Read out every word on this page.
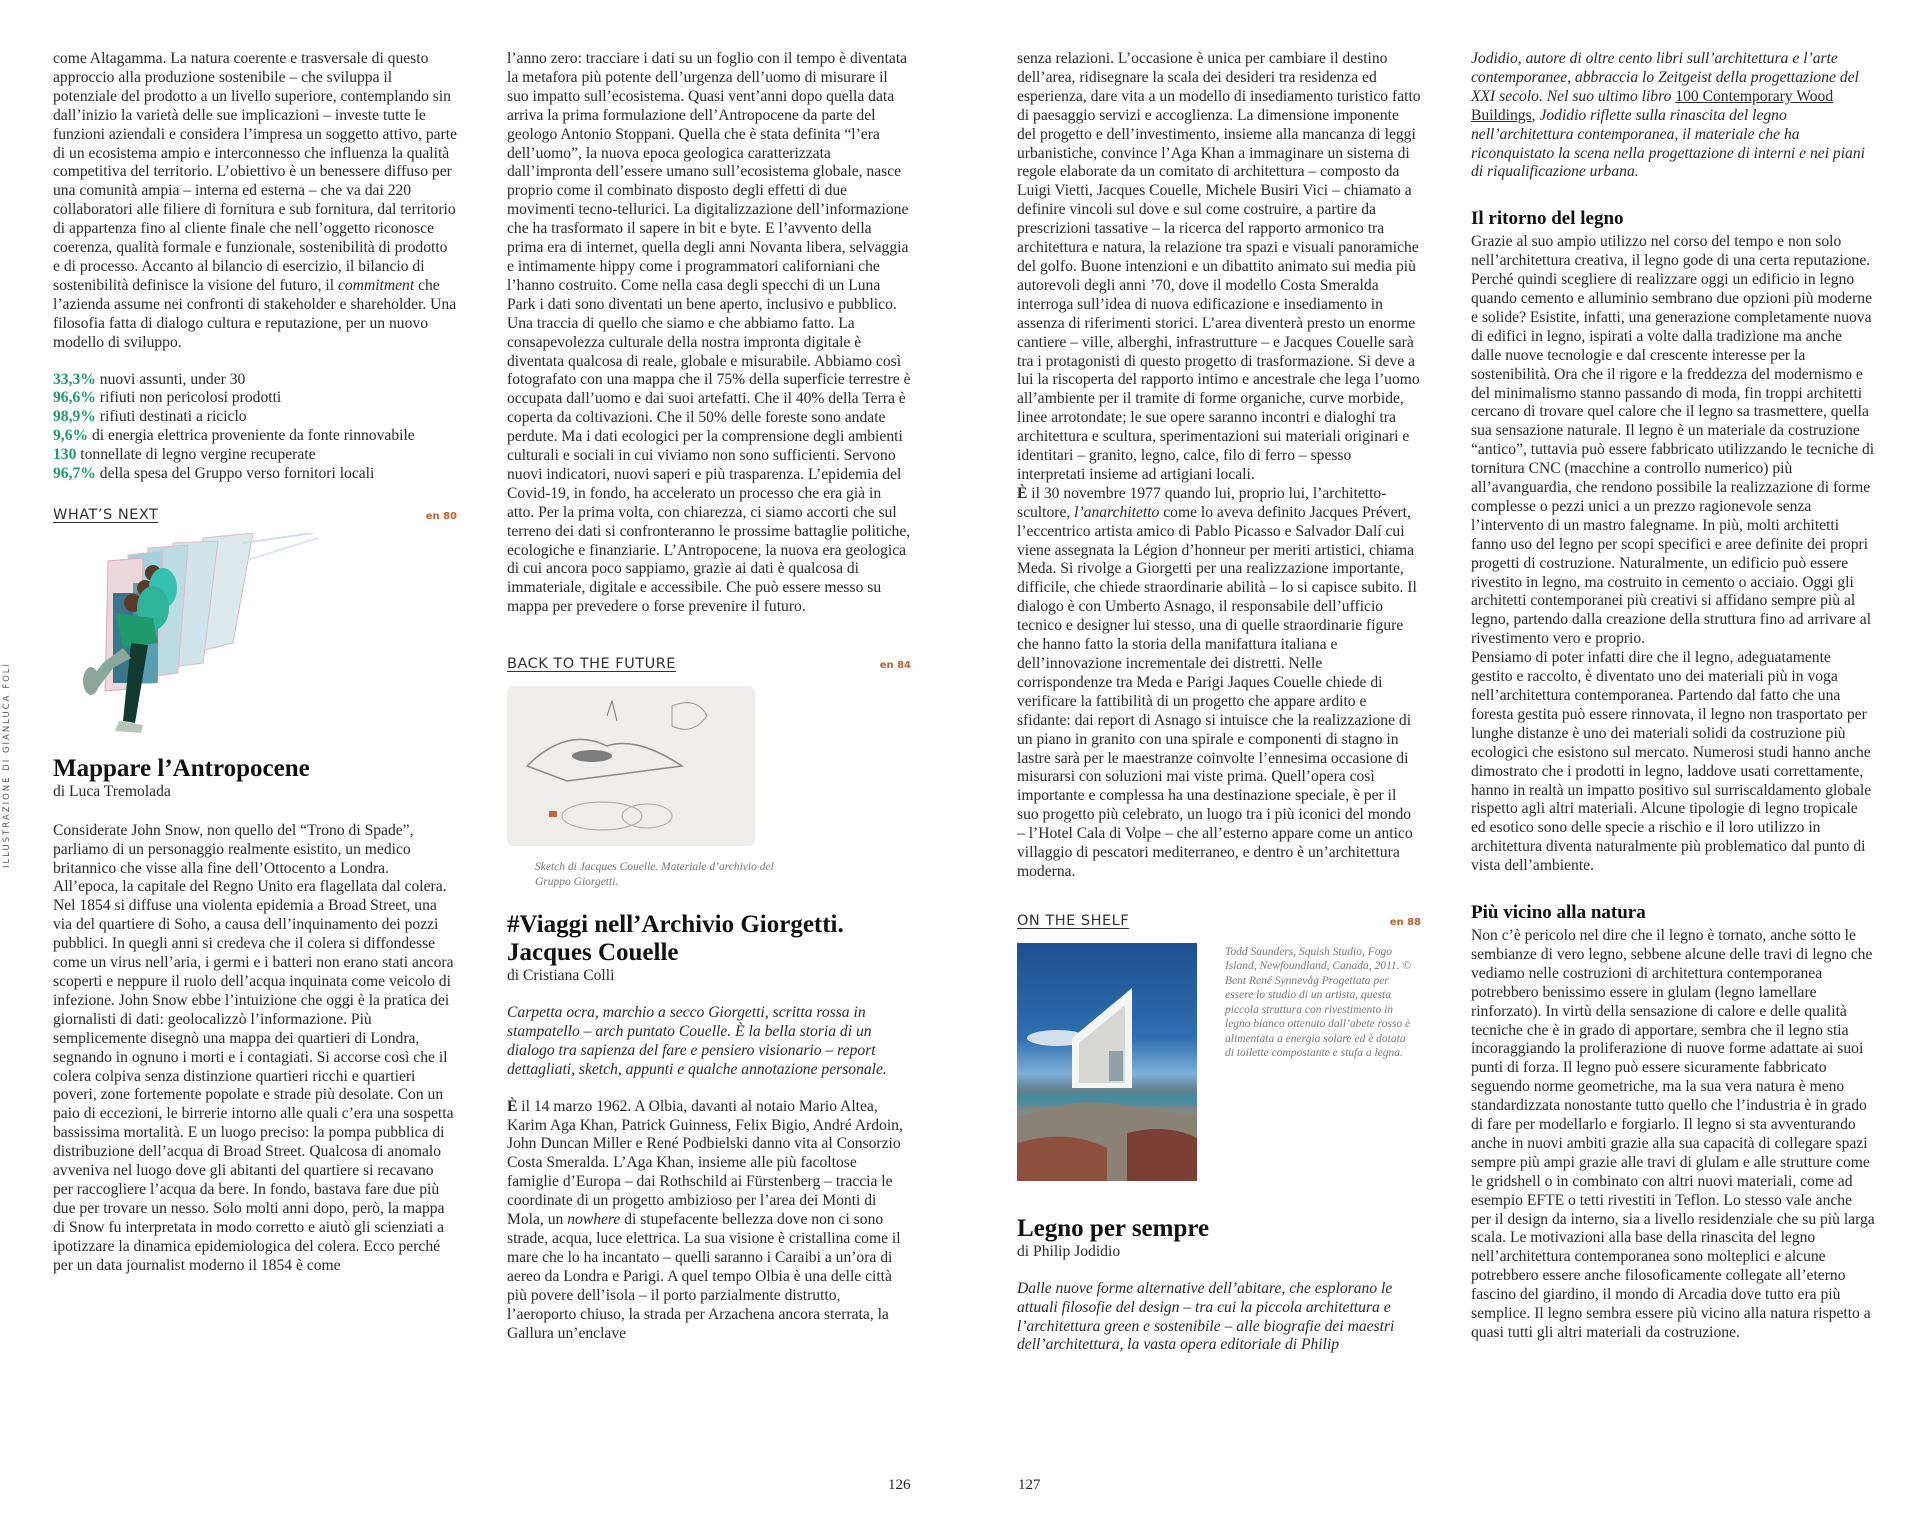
come Altagamma. La natura coerente e trasversale di questo approccio alla produzione sostenibile – che sviluppa il potenziale del prodotto a un livello superiore, contemplando sin dall’inizio la varietà delle sue implicazioni – investe tutte le funzioni aziendali e considera l’impresa un soggetto attivo, parte di un ecosistema ampio e interconnesso che influenza la qualità competitiva del territorio. L’obiettivo è un benessere diffuso per una comunità ampia – interna ed esterna – che va dai 220 collaboratori alle filiere di fornitura e sub fornitura, dal territorio di appartenza fino al cliente finale che nell’oggetto riconosce coerenza, qualità formale e funzionale, sostenibilità di prodotto e di processo. Accanto al bilancio di esercizio, il bilancio di sostenibilità definisce la visione del futuro, il commitment che l’azienda assume nei confronti di stakeholder e shareholder. Una filosofia fatta di dialogo cultura e reputazione, per un nuovo modello di sviluppo.

33,3% nuovi assunti, under 30

96,6% rifiuti non pericolosi prodotti

98,9% rifiuti destinati a riciclo

9,6% di energia elettrica proveniente da fonte rinnovabile

130 tonnellate di legno vergine recuperate

96,7% della spesa del Gruppo verso fornitori locali

WHAT’S NEXT	en 80
Mappare l’Antropocene

di Luca Tremolada

Considerate John Snow, non quello del “Trono di Spade”, parliamo di un personaggio realmente esistito, un medico britannico che visse alla fine dell’Ottocento a Londra. All’epoca, la capitale del Regno Unito era flagellata dal colera. Nel 1854 si diffuse una violenta epidemia a Broad Street, una via del quartiere di Soho, a causa dell’inquinamento dei pozzi pubblici. In quegli anni si credeva che il colera si diffondesse come un virus nell’aria, i germi e i batteri non erano stati ancora scoperti e neppure il ruolo dell’acqua inquinata come veicolo di infezione. John Snow ebbe l’intuizione che oggi è la pratica dei giornalisti di dati: geolocalizzò l’informazione. Più semplicemente disegnò una mappa dei quartieri di Londra, segnando in ognuno i morti e i contagiati. Si accorse così che il colera colpiva senza distinzione quartieri ricchi e quartieri poveri, zone fortemente popolate e strade più desolate. Con un paio di eccezioni, le birrerie intorno alle quali c’era una sospetta bassissima mortalità. E un luogo preciso: la pompa pubblica di distribuzione dell’acqua di Broad Street. Qualcosa di anomalo avveniva nel luogo dove gli abitanti del quartiere si recavano per raccogliere l’acqua da bere. In fondo, bastava fare due più due per trovare un nesso. Solo molti anni dopo, però, la mappa di Snow fu interpretata in modo corretto e aiutò gli scienziati a ipotizzare la dinamica epidemiologica del colera. Ecco perché per un data journalist moderno il 1854 è come

ILLUSTRAZIONE DI GIANLUCA FOLÌ

l’anno zero: tracciare i dati su un foglio con il tempo è diventata la metafora più potente dell’urgenza dell’uomo di misurare il suo impatto sull’ecosistema. Quasi vent’anni dopo quella data arriva la prima formulazione dell’Antropocene da parte del geologo Antonio Stoppani. Quella che è stata definita “l’era dell’uomo”, la nuova epoca geologica caratterizzata dall’impronta dell’essere umano sull’ecosistema globale, nasce proprio come il combinato disposto degli effetti di due movimenti tecno-tellurici. La digitalizzazione dell’informazione che ha trasformato il sapere in bit e byte. E l’avvento della prima era di internet, quella degli anni Novanta libera, selvaggia e intimamente hippy come i programmatori californiani che l’hanno costruito. Come nella casa degli specchi di un Luna Park i dati sono diventati un bene aperto, inclusivo e pubblico. Una traccia di quello che siamo e che abbiamo fatto. La consapevolezza culturale della nostra impronta digitale è diventata qualcosa di reale, globale e misurabile. Abbiamo così fotografato con una mappa che il 75% della superficie terrestre è occupata dall’uomo e dai suoi artefatti. Che il 40% della Terra è coperta da coltivazioni. Che il 50% delle foreste sono andate perdute. Ma i dati ecologici per la comprensione degli ambienti culturali e sociali in cui viviamo non sono sufficienti. Servono nuovi indicatori, nuovi saperi e più trasparenza. L’epidemia del Covid-19, in fondo, ha accelerato un processo che era già in atto. Per la prima volta, con chiarezza, ci siamo accorti che sul terreno dei dati si confronteranno le prossime battaglie politiche, ecologiche e finanziarie. L’Antropocene, la nuova era geologica di cui ancora poco sappiamo, grazie ai dati è qualcosa di immateriale, digitale e accessibile. Che può essere messo su mappa per prevedere o forse prevenire il futuro.

BACK TO THE FUTURE	en 84

Sketch di Jacques Couelle. Materiale d’archivio del Gruppo Giorgetti.

#Viaggi nell’Archivio Giorgetti. Jacques Couelle

di Cristiana Colli

Carpetta ocra, marchio a secco Giorgetti, scritta rossa in stampatello – arch puntato Couelle. È la bella storia di un dialogo tra sapienza del fare e pensiero visionario – report dettagliati, sketch, appunti e qualche annotazione personale.

È il 14 marzo 1962. A Olbia, davanti al notaio Mario Altea, Karim Aga Khan, Patrick Guinness, Felix Bigio, André Ardoin, John Duncan Miller e René Podbielski danno vita al Consorzio Costa Smeralda. L’Aga Khan, insieme alle più facoltose famiglie d’Europa – dai Rothschild ai Fürstenberg – traccia le coordinate di un progetto ambizioso per l’area dei Monti di Mola, un nowhere di stupefacente bellezza dove non ci sono strade, acqua, luce elettrica. La sua visione è cristallina come il mare che lo ha incantato – quelli saranno i Caraibi a un’ora di aereo da Londra e Parigi. A quel tempo Olbia è una delle città più povere dell’isola – il porto parzialmente distrutto, l’aeroporto chiuso, la strada per Arzachena ancora sterrata, la Gallura un’enclave

126

senza relazioni. L’occasione è unica per cambiare il destino dell’area, ridisegnare la scala dei desideri tra residenza ed esperienza, dare vita a un modello di insediamento turistico fatto di paesaggio servizi e accoglienza. La dimensione imponente del progetto e dell’investimento, insieme alla mancanza di leggi urbanistiche, convince l’Aga Khan a immaginare un sistema di regole elaborate da un comitato di architettura – composto da Luigi Vietti, Jacques Couelle, Michele Busiri Vici – chiamato a definire vincoli sul dove e sul come costruire, a partire da prescrizioni tassative – la ricerca del rapporto armonico tra architettura e natura, la relazione tra spazi e visuali panoramiche del golfo. Buone intenzioni e un dibattito animato sui media più autorevoli degli anni ’70, dove il modello Costa Smeralda interroga sull’idea di nuova edificazione e insediamento in assenza di riferimenti storici. L’area diventerà presto un enorme cantiere – ville, alberghi, infrastrutture – e Jacques Couelle sarà tra i protagonisti di questo progetto di trasformazione. Si deve a lui la riscoperta del rapporto intimo e ancestrale che lega l’uomo all’ambiente per il tramite di forme organiche, curve morbide, linee arrotondate; le sue opere saranno incontri e dialoghi tra architettura e scultura, sperimentazioni sui materiali originari e identitari – granito, legno, calce, filo di ferro – spesso interpretati insieme ad artigiani locali.

È il 30 novembre 1977 quando lui, proprio lui, l’architetto-scultore, l’anarchitetto come lo aveva definito Jacques Prévert, l’eccentrico artista amico di Pablo Picasso e Salvador Dalí cui viene assegnata la Légion d’honneur per meriti artistici, chiama Meda. Si rivolge a Giorgetti per una realizzazione importante, difficile, che chiede straordinarie abilità – lo si capisce subito. Il dialogo è con Umberto Asnago, il responsabile dell’ufficio tecnico e designer lui stesso, una di quelle straordinarie figure che hanno fatto la storia della manifattura italiana e dell’innovazione incrementale dei distretti. Nelle corrispondenze tra Meda e Parigi Jaques Couelle chiede di verificare la fattibilità di un progetto che appare ardito e sfidante: dai report di Asnago si intuisce che la realizzazione di un piano in granito con una spirale e componenti di stagno in lastre sarà per le maestranze coinvolte l’ennesima occasione di misurarsi con soluzioni mai viste prima. Quell’opera così importante e complessa ha una destinazione speciale, è per il suo progetto più celebrato, un luogo tra i più iconici del mondo – l’Hotel Cala di Volpe – che all’esterno appare come un antico villaggio di pescatori mediterraneo, e dentro è un’architettura moderna.

ON THE SHELF	en 88

Todd Saunders, Squish Studio, Fogo Island, Newfoundland, Canada, 2011. © Bent René Synnevåg Progettata per essere lo studio di un artista, questa piccola struttura con rivestimento in legno bianco ottenuto dall’abete rosso è alimentata a energia solare ed è dotata di toilette compostante e stufa a legna.

Legno per sempre

di Philip Jodidio

Dalle nuove forme alternative dell’abitare, che esplorano le attuali filosofie del design – tra cui la piccola architettura e l’architettura green e sostenibile – alle biografie dei maestri dell’architettura, la vasta opera editoriale di Philip

Jodidio, autore di oltre cento libri sull’architettura e l’arte contemporanee, abbraccia lo Zeitgeist della progettazione del XXI secolo. Nel suo ultimo libro 100 Contemporary Wood Buildings, Jodidio riflette sulla rinascita del legno nell’architettura contemporanea, il materiale che ha riconquistato la scena nella progettazione di interni e nei piani di riqualificazione urbana.

Il ritorno del legno

Grazie al suo ampio utilizzo nel corso del tempo e non solo nell’architettura creativa, il legno gode di una certa reputazione. Perché quindi scegliere di realizzare oggi un edificio in legno quando cemento e alluminio sembrano due opzioni più moderne e solide? Esistite, infatti, una generazione completamente nuova di edifici in legno, ispirati a volte dalla tradizione ma anche dalle nuove tecnologie e dal crescente interesse per la sostenibilità. Ora che il rigore e la freddezza del modernismo e del minimalismo stanno passando di moda, fin troppi architetti cercano di trovare quel calore che il legno sa trasmettere, quella sua sensazione naturale. Il legno è un materiale da costruzione “antico”, tuttavia può essere fabbricato utilizzando le tecniche di tornitura CNC (macchine a controllo numerico) più all’avanguardia, che rendono possibile la realizzazione di forme complesse o pezzi unici a un prezzo ragionevole senza l’intervento di un mastro falegname. In più, molti architetti fanno uso del legno per scopi specifici e aree definite dei propri progetti di costruzione. Naturalmente, un edificio può essere rivestito in legno, ma costruito in cemento o acciaio. Oggi gli architetti contemporanei più creativi si affidano sempre più al legno, partendo dalla creazione della struttura fino ad arrivare al rivestimento vero e proprio.

Pensiamo di poter infatti dire che il legno, adeguatamente gestito e raccolto, è diventato uno dei materiali più in voga nell’architettura contemporanea. Partendo dal fatto che una foresta gestita può essere rinnovata, il legno non trasportato per lunghe distanze è uno dei materiali solidi da costruzione più ecologici che esistono sul mercato. Numerosi studi hanno anche dimostrato che i prodotti in legno, laddove usati correttamente, hanno in realtà un impatto positivo sul surriscaldamento globale rispetto agli altri materiali. Alcune tipologie di legno tropicale ed esotico sono delle specie a rischio e il loro utilizzo in architettura diventa naturalmente più problematico dal punto di vista dell’ambiente.

Più vicino alla natura

Non c’è pericolo nel dire che il legno è tornato, anche sotto le sembianze di vero legno, sebbene alcune delle travi di legno che vediamo nelle costruzioni di architettura contemporanea potrebbero benissimo essere in glulam (legno lamellare rinforzato). In virtù della sensazione di calore e delle qualità tecniche che è in grado di apportare, sembra che il legno stia incoraggiando la proliferazione di nuove forme adattate ai suoi punti di forza. Il legno può essere sicuramente fabbricato seguendo norme geometriche, ma la sua vera natura è meno standardizzata nonostante tutto quello che l’industria è in grado di fare per modellarlo e forgiarlo. Il legno si sta avventurando anche in nuovi ambiti grazie alla sua capacità di collegare spazi sempre più ampi grazie alle travi di glulam e alle strutture come le gridshell o in combinato con altri nuovi materiali, come ad esempio EFTE o tetti rivestiti in Teflon. Lo stesso vale anche per il design da interno, sia a livello residenziale che su più larga scala. Le motivazioni alla base della rinascita del legno nell’architettura contemporanea sono molteplici e alcune potrebbero essere anche filosoficamente collegate all’eterno fascino del giardino, il mondo di Arcadia dove tutto era più semplice. Il legno sembra essere più vicino alla natura rispetto a quasi tutti gli altri materiali da costruzione.

127
